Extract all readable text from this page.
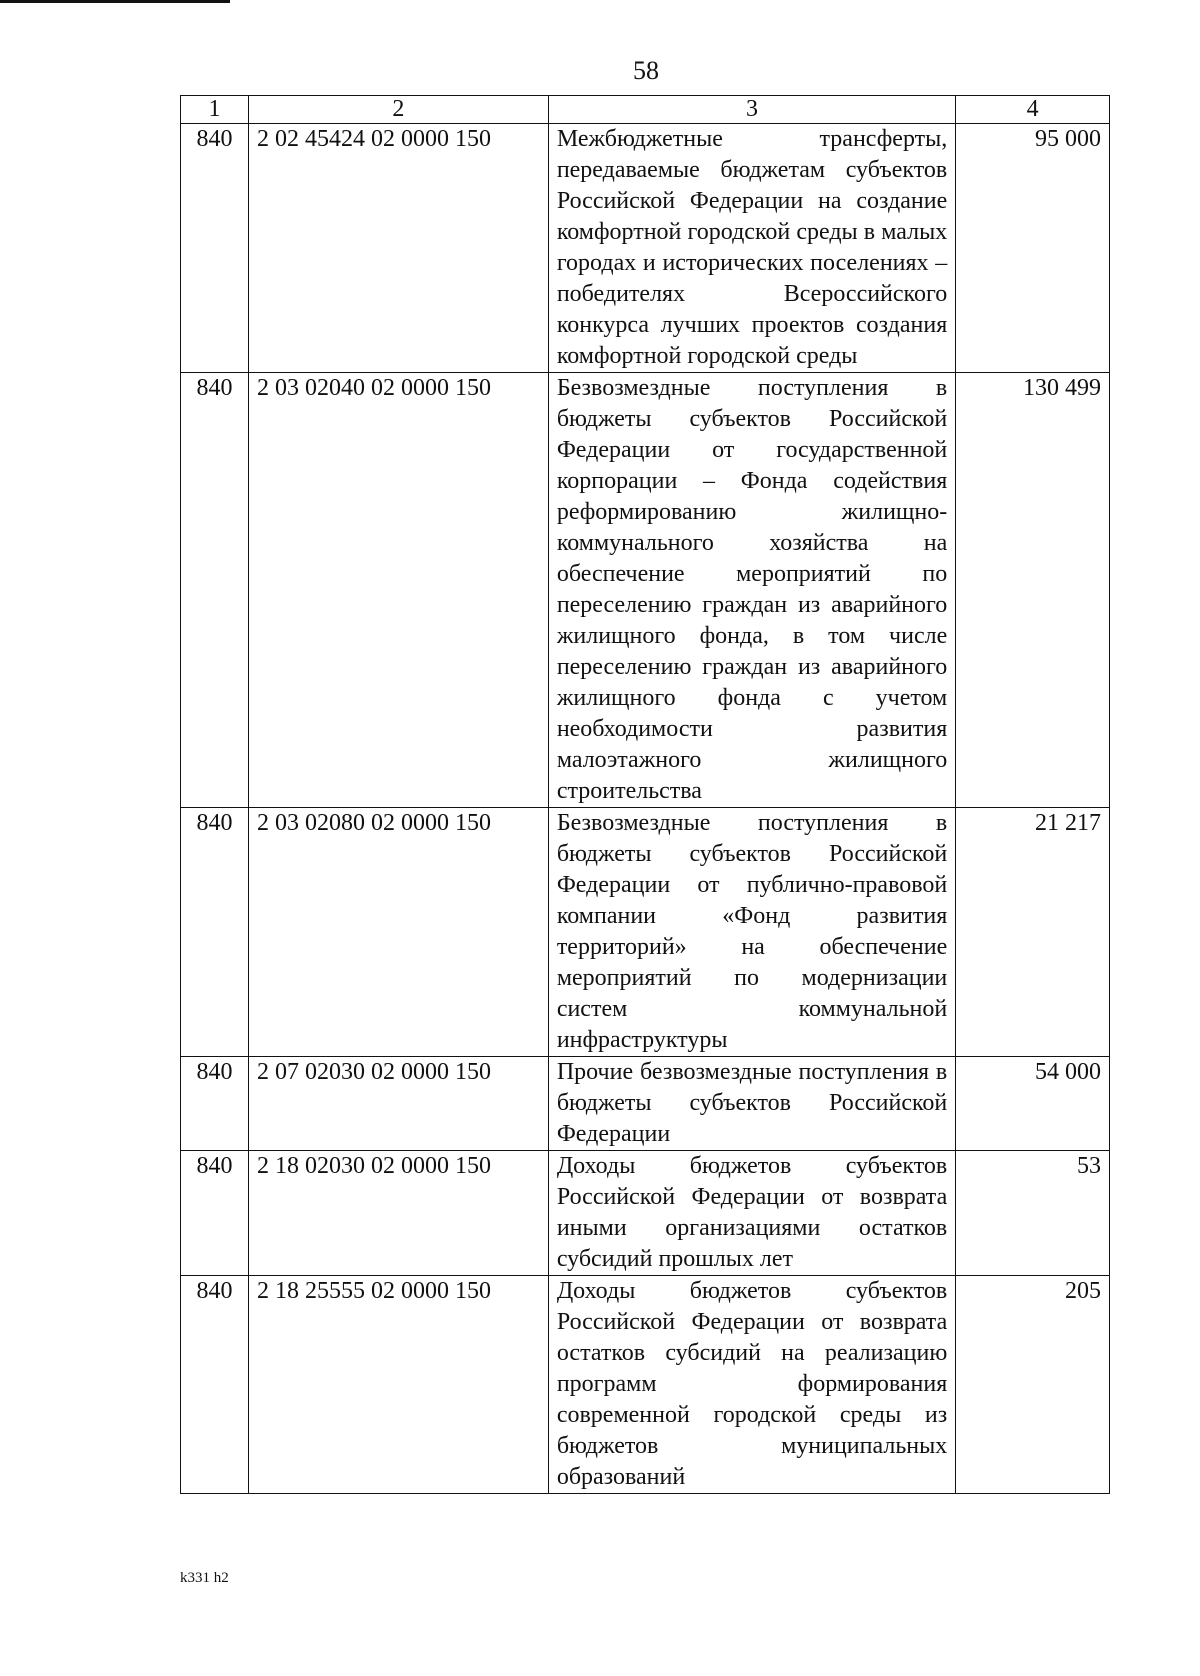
58
1	2	3	4
840	2 02 45424 02 0000 150	Межбюджетные трансферты, передаваемые бюджетам субъектов Российской Федерации на создание комфортной городской среды в малых городах и исторических поселениях – победителях Всероссийского конкурса лучших проектов создания комфортной городской среды	95 000
840	2 03 02040 02 0000 150	Безвозмездные поступления в бюджеты субъектов Российской Федерации от государственной корпорации – Фонда содействия реформированию жилищно-коммунального хозяйства на обеспечение мероприятий по переселению граждан из аварийного жилищного фонда, в том числе переселению граждан из аварийного жилищного фонда с учетом необходимости развития малоэтажного жилищного строительства	130 499
840	2 03 02080 02 0000 150	Безвозмездные поступления в бюджеты субъектов Российской Федерации от публично-правовой компании «Фонд развития территорий» на обеспечение мероприятий по модернизации систем коммунальной инфраструктуры	21 217
840	2 07 02030 02 0000 150	Прочие безвозмездные поступления в бюджеты субъектов Российской Федерации	54 000
840	2 18 02030 02 0000 150	Доходы бюджетов субъектов Российской Федерации от возврата иными организациями остатков субсидий прошлых лет	53
840	2 18 25555 02 0000 150	Доходы бюджетов субъектов Российской Федерации от возврата остатков субсидий на реализацию программ формирования современной городской среды из бюджетов муниципальных образований	205
k331 h2
